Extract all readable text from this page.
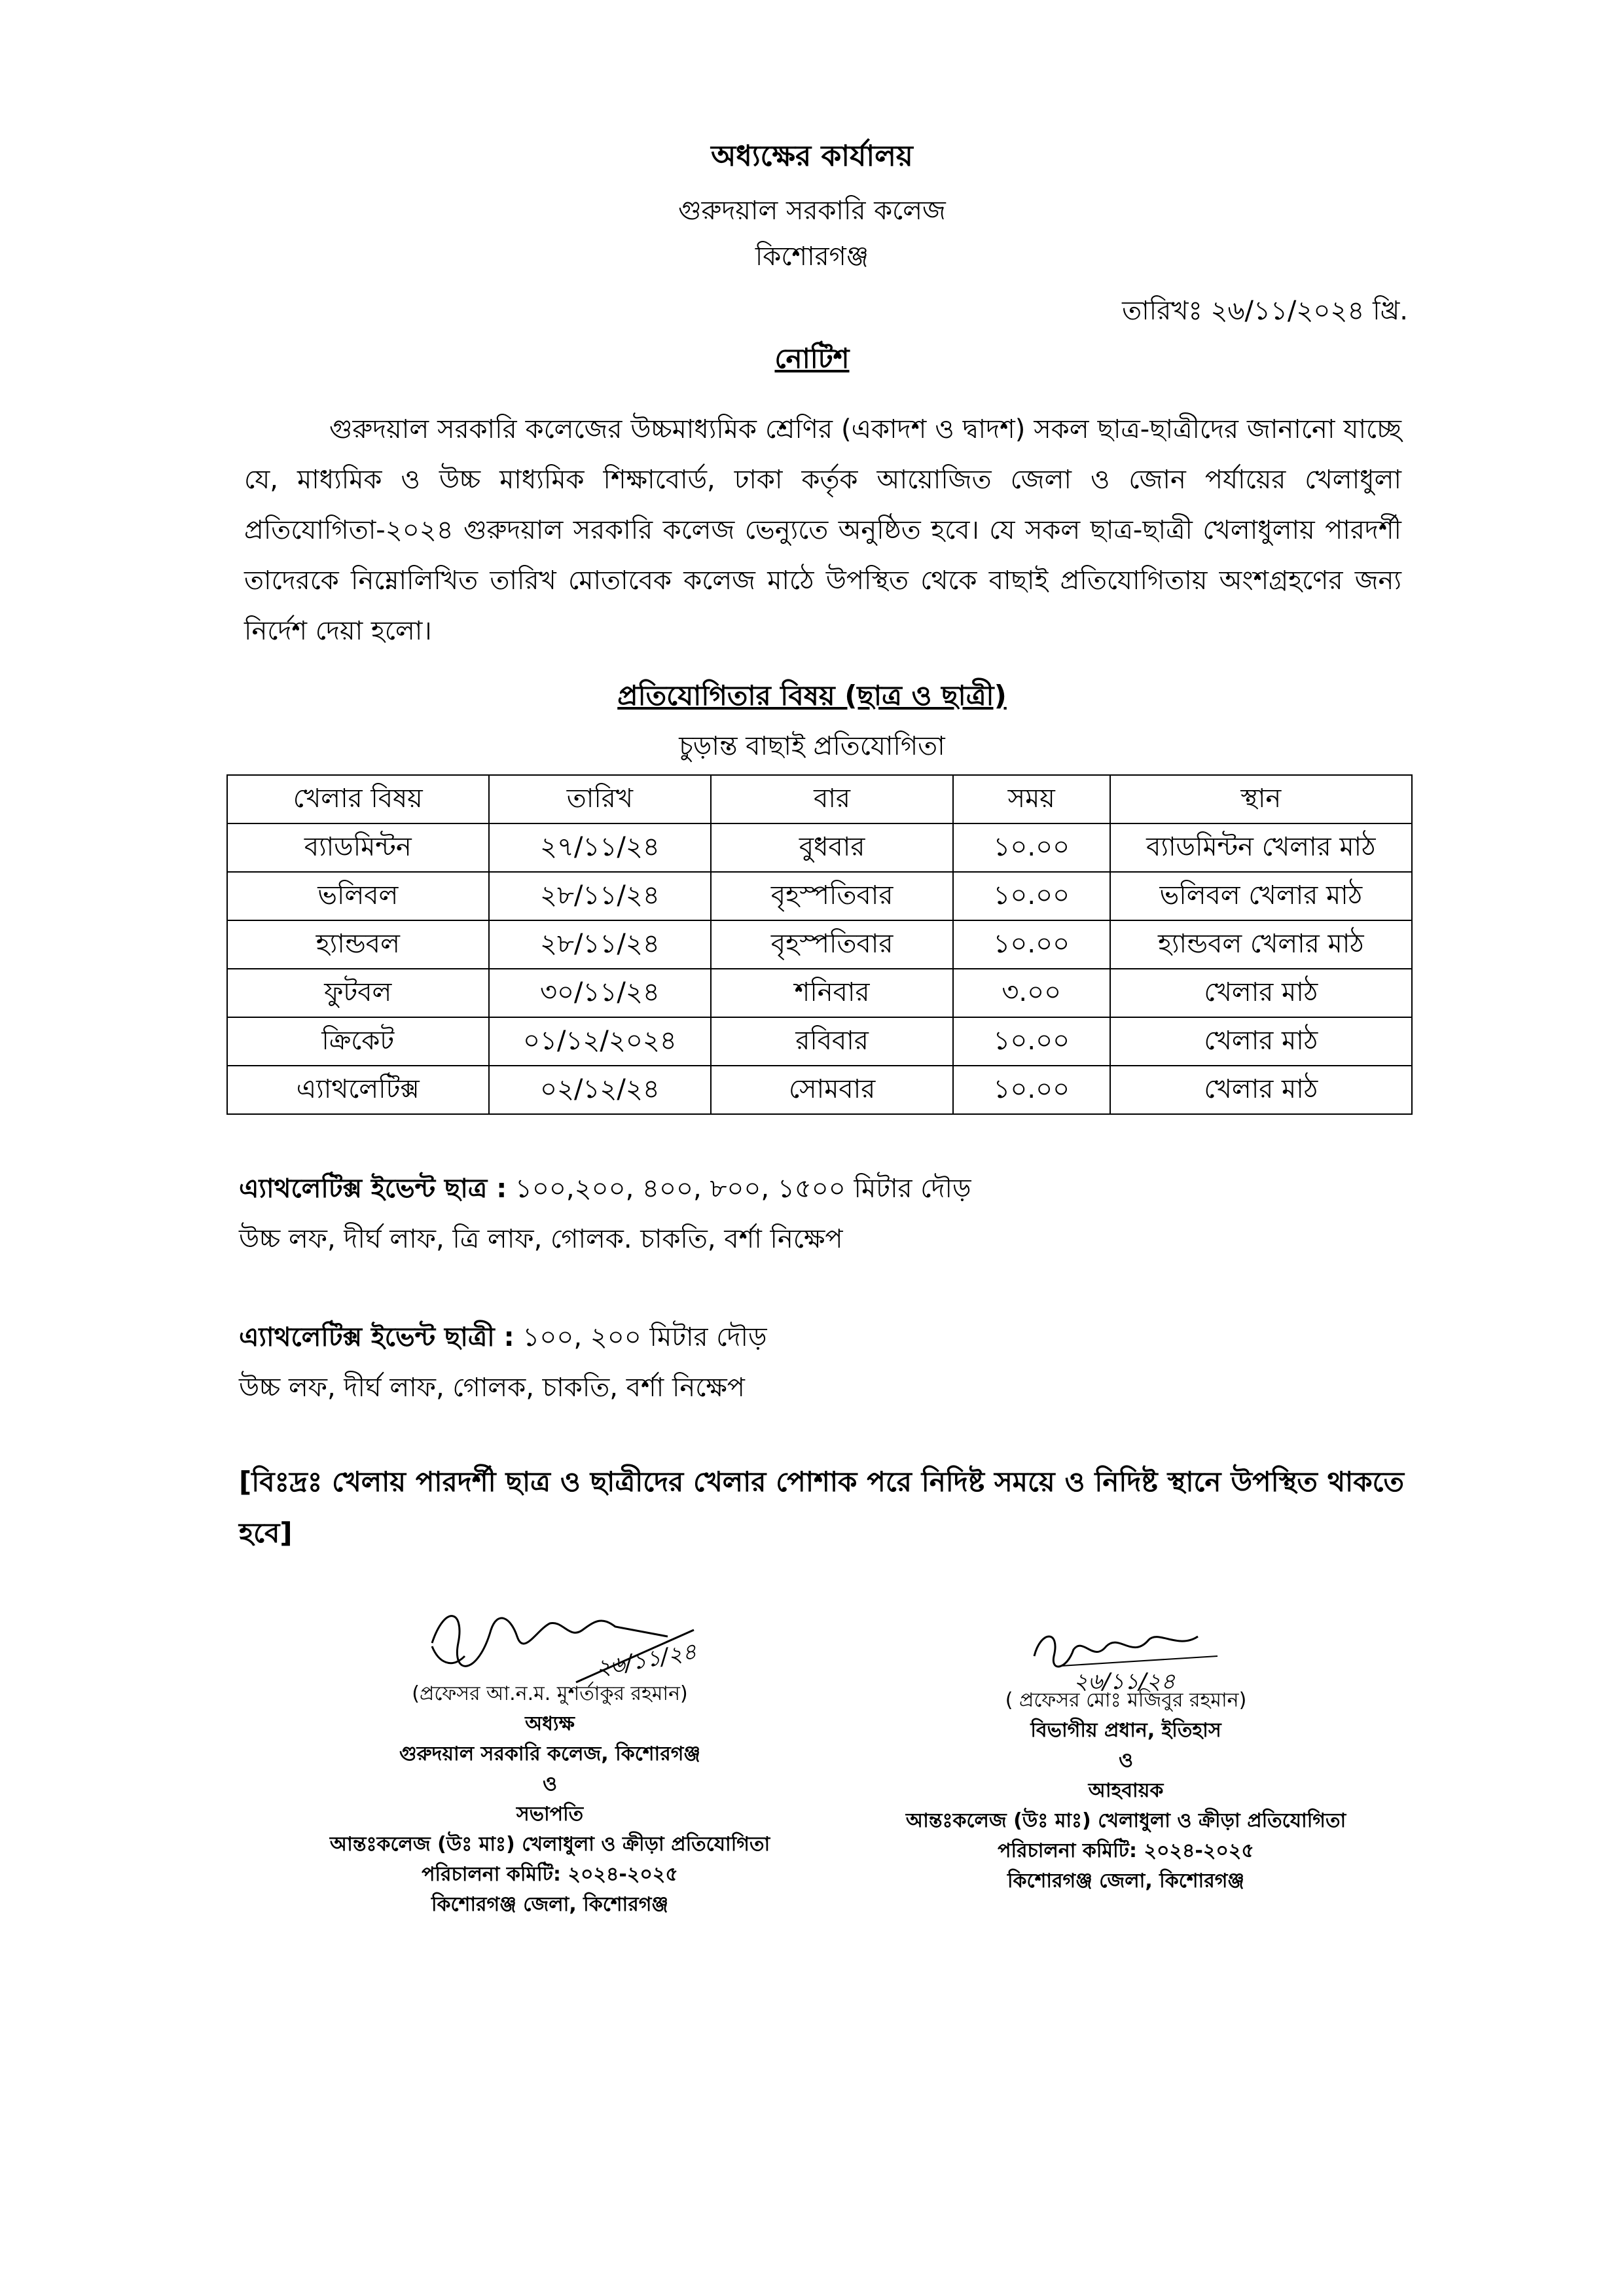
অধ্যক্ষের কার্যালয়
গুরুদয়াল সরকারি কলেজ
কিশোরগঞ্জ
তারিখঃ ২৬/১১/২০২৪ খ্রি.
নোটিশ
গুরুদয়াল সরকারি কলেজের উচ্চমাধ্যমিক শ্রেণির (একাদশ ও দ্বাদশ) সকল ছাত্র-ছাত্রীদের জানানো যাচ্ছে যে, মাধ্যমিক ও উচ্চ মাধ্যমিক শিক্ষাবোর্ড, ঢাকা কর্তৃক আয়োজিত জেলা ও জোন পর্যায়ের খেলাধুলা প্রতিযোগিতা-২০২৪ গুরুদয়াল সরকারি কলেজ ভেন্যুতে অনুষ্ঠিত হবে। যে সকল ছাত্র-ছাত্রী খেলাধুলায় পারদর্শী তাদেরকে নিম্নোলিখিত তারিখ মোতাবেক কলেজ মাঠে উপস্থিত থেকে বাছাই প্রতিযোগিতায় অংশগ্রহণের জন্য নির্দেশ দেয়া হলো।
প্রতিযোগিতার বিষয় (ছাত্র ও ছাত্রী)
চুড়ান্ত বাছাই প্রতিযোগিতা
খেলার বিষয়	তারিখ	বার	সময়	স্থান
ব্যাডমিন্টন	২৭/১১/২৪	বুধবার	১০.০০	ব্যাডমিন্টন খেলার মাঠ
ভলিবল	২৮/১১/২৪	বৃহস্পতিবার	১০.০০	ভলিবল খেলার মাঠ
হ্যান্ডবল	২৮/১১/২৪	বৃহস্পতিবার	১০.০০	হ্যান্ডবল খেলার মাঠ
ফুটবল	৩০/১১/২৪	শনিবার	৩.০০	খেলার মাঠ
ক্রিকেট	০১/১২/২০২৪	রবিবার	১০.০০	খেলার মাঠ
এ্যাথলেটিক্স	০২/১২/২৪	সোমবার	১০.০০	খেলার মাঠ
এ্যাথলেটিক্স ইভেন্ট ছাত্র : ১০০,২০০, ৪০০, ৮০০, ১৫০০ মিটার দৌড়
উচ্চ লফ, দীর্ঘ লাফ, ত্রি লাফ, গোলক. চাকতি, বর্শা নিক্ষেপ
এ্যাথলেটিক্স ইভেন্ট ছাত্রী : ১০০, ২০০ মিটার দৌড়
উচ্চ লফ, দীর্ঘ লাফ, গোলক, চাকতি, বর্শা নিক্ষেপ
[বিঃদ্রঃ খেলায় পারদর্শী ছাত্র ও ছাত্রীদের খেলার পোশাক পরে নিদিষ্ট সময়ে ও নিদিষ্ট স্থানে উপস্থিত থাকতে হবে]
২৬/১১/২৪	২৬/১১/২৪
(প্রফেসর আ.ন.ম. মুশর্তাকুর রহমান)
অধ্যক্ষ
গুরুদয়াল সরকারি কলেজ, কিশোরগঞ্জ
ও
সভাপতি
আন্তঃকলেজ (উঃ মাঃ) খেলাধুলা ও ক্রীড়া প্রতিযোগিতা
পরিচালনা কমিটি: ২০২৪-২০২৫
কিশোরগঞ্জ জেলা, কিশোরগঞ্জ
( প্রফেসর মোঃ মজিবুর রহমান)
বিভাগীয় প্রধান, ইতিহাস
ও
আহবায়ক
আন্তঃকলেজ (উঃ মাঃ) খেলাধুলা ও ক্রীড়া প্রতিযোগিতা
পরিচালনা কমিটি: ২০২৪-২০২৫
কিশোরগঞ্জ জেলা, কিশোরগঞ্জ
